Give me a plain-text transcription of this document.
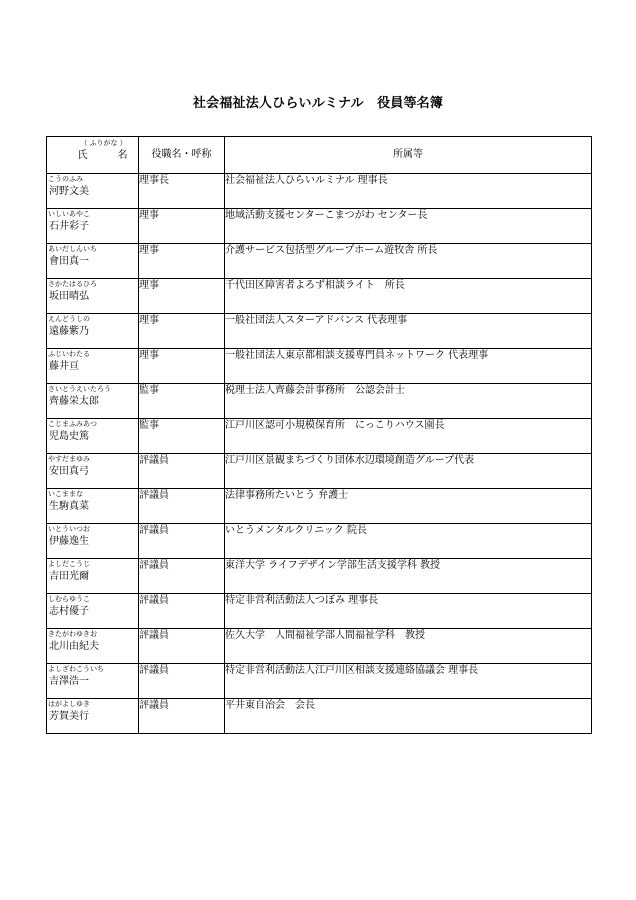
社会福祉法人ひらいルミナル　役員等名簿
（ ふりがな ）
氏　　　名	役職名・呼称	所属等

こうのふみ
河野文美	理事長	社会福祉法人ひらいルミナル 理事長

いしいあやこ
石井彩子	理事	地域活動支援センターこまつがわ センター長

あいだしんいち
會田真一	理事	介護サービス包括型グループホーム遊牧舎 所長

さかたはるひろ
坂田晴弘	理事	千代田区障害者よろず相談ライト　所長

えんどうしの
遠藤紫乃	理事	一般社団法人スターアドバンス 代表理事

ふじいわたる
藤井亘	理事	一般社団法人東京都相談支援専門員ネットワーク 代表理事

さいとうえいたろう
齊藤栄太郎	監事	税理士法人齊藤会計事務所　公認会計士

こじまふみあつ
児島史篤	監事	江戸川区認可小規模保育所　にっこりハウス園長

やすだまゆみ
安田真弓	評議員	江戸川区景観まちづくり団体水辺環境創造グループ代表

いこままな
生駒真菜	評議員	法律事務所たいとう 弁護士

いとういつお
伊藤逸生	評議員	いとうメンタルクリニック 院長

よしだこうじ
吉田光爾	評議員	東洋大学 ライフデザイン学部生活支援学科 教授

しむらゆうこ
志村優子	評議員	特定非営利活動法人つぼみ 理事長

きたがわゆきお
北川由紀夫	評議員	佐久大学　人間福祉学部人間福祉学科　教授

よしざわこういち
吉澤浩一	評議員	特定非営利活動法人江戸川区相談支援連絡協議会 理事長

はがよしゆき
芳賀美行	評議員	平井東自治会　会長
